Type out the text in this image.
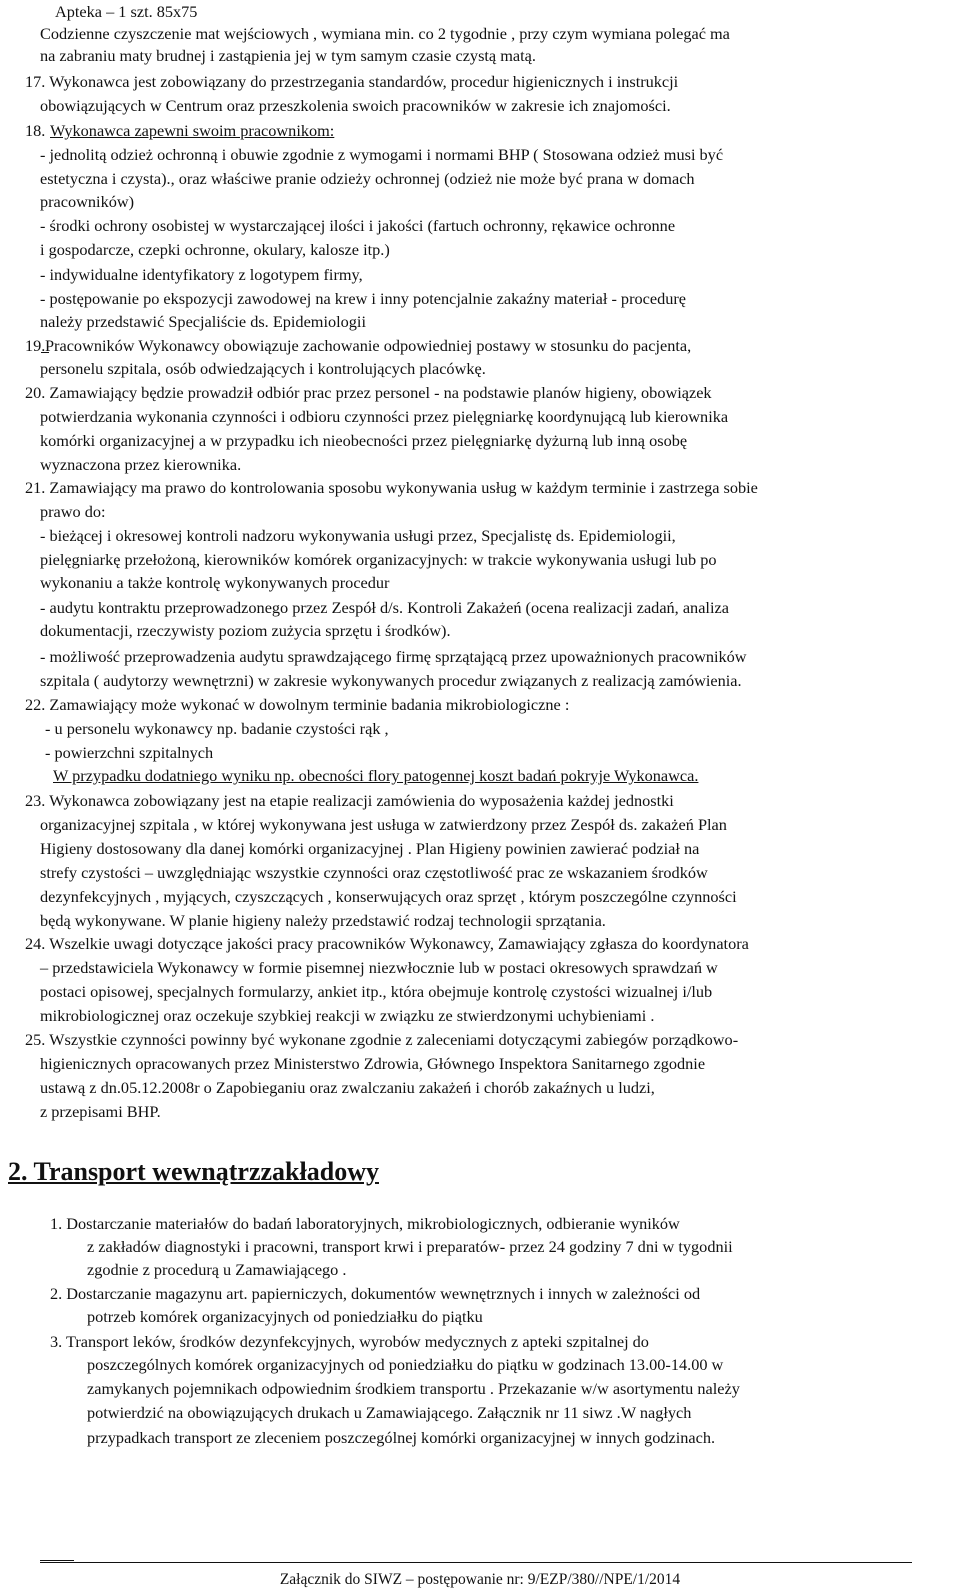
Apteka – 1 szt. 85x75
Codzienne czyszczenie mat wejściowych , wymiana min. co 2 tygodnie , przy czym wymiana polegać ma
na zabraniu maty brudnej i zastąpienia jej w tym samym czasie czystą matą.
17. Wykonawca jest zobowiązany do przestrzegania standardów, procedur higienicznych i instrukcji
obowiązujących w Centrum oraz przeszkolenia swoich pracowników w zakresie ich znajomości.
18. Wykonawca zapewni swoim pracownikom:
- jednolitą odzież ochronną i obuwie zgodnie z wymogami i normami BHP ( Stosowana odzież musi być
estetyczna i czysta)., oraz właściwe pranie odzieży ochronnej (odzież nie może być prana w domach
pracowników)
- środki ochrony osobistej w wystarczającej ilości i jakości (fartuch ochronny, rękawice ochronne
i gospodarcze, czepki ochronne, okulary, kalosze itp.)
- indywidualne identyfikatory z logotypem firmy,
- postępowanie po ekspozycji zawodowej na krew i inny potencjalnie zakaźny materiał - procedurę
należy przedstawić Specjaliście ds. Epidemiologii
19.
Pracowników Wykonawcy obowiązuje zachowanie odpowiedniej postawy w stosunku do pacjenta,
personelu szpitala, osób odwiedzających i kontrolujących placówkę.
20. Zamawiający będzie prowadził odbiór prac przez personel - na podstawie planów higieny, obowiązek
potwierdzania wykonania czynności i odbioru czynności przez pielęgniarkę koordynującą lub kierownika
komórki organizacyjnej a w przypadku ich nieobecności przez pielęgniarkę dyżurną lub inną osobę
wyznaczona przez kierownika.
21. Zamawiający ma prawo do kontrolowania sposobu wykonywania usług w każdym terminie i zastrzega sobie
prawo do:
- bieżącej i okresowej kontroli nadzoru wykonywania usługi przez, Specjalistę ds. Epidemiologii,
pielęgniarkę przełożoną, kierowników komórek organizacyjnych: w trakcie wykonywania usługi lub po
wykonaniu a także kontrolę wykonywanych procedur
- audytu kontraktu przeprowadzonego przez Zespół d/s. Kontroli Zakażeń (ocena realizacji zadań, analiza
dokumentacji, rzeczywisty poziom zużycia sprzętu i środków).
- możliwość przeprowadzenia audytu sprawdzającego firmę sprzątającą przez upoważnionych pracowników
szpitala ( audytorzy wewnętrzni) w zakresie wykonywanych procedur związanych z realizacją zamówienia.
22. Zamawiający może wykonać w dowolnym terminie badania mikrobiologiczne :
- u personelu wykonawcy np. badanie czystości rąk ,
- powierzchni szpitalnych
W przypadku dodatniego wyniku np. obecności flory patogennej koszt badań pokryje Wykonawca.
23. Wykonawca zobowiązany jest na etapie realizacji zamówienia do wyposażenia każdej jednostki
organizacyjnej szpitala , w której wykonywana jest usługa w zatwierdzony przez Zespół ds. zakażeń Plan
Higieny dostosowany dla danej komórki organizacyjnej . Plan Higieny powinien zawierać podział na
strefy czystości – uwzględniając wszystkie czynności oraz częstotliwość prac ze wskazaniem środków
dezynfekcyjnych , myjących, czyszczących , konserwujących oraz sprzęt , którym poszczególne czynności
będą wykonywane. W planie higieny należy przedstawić rodzaj technologii sprzątania.
24. Wszelkie uwagi dotyczące jakości pracy pracowników Wykonawcy, Zamawiający zgłasza do koordynatora
– przedstawiciela Wykonawcy w formie pisemnej niezwłocznie lub w postaci okresowych sprawdzań w
postaci opisowej, specjalnych formularzy, ankiet itp., która obejmuje kontrolę czystości wizualnej i/lub
mikrobiologicznej oraz oczekuje szybkiej reakcji w związku ze stwierdzonymi uchybieniami .
25. Wszystkie czynności powinny być wykonane zgodnie z zaleceniami dotyczącymi zabiegów porządkowo-
higienicznych opracowanych przez Ministerstwo Zdrowia, Głównego Inspektora Sanitarnego zgodnie
ustawą z dn.05.12.2008r o Zapobieganiu oraz zwalczaniu zakażeń i chorób zakaźnych u ludzi,
z przepisami BHP.
2. Transport wewnątrzzakładowy
1. Dostarczanie materiałów do badań laboratoryjnych, mikrobiologicznych, odbieranie wyników
z zakładów diagnostyki i pracowni, transport krwi i preparatów- przez 24 godziny 7 dni w tygodnii
zgodnie z procedurą u Zamawiającego .
2. Dostarczanie magazynu art. papierniczych, dokumentów wewnętrznych i innych w zależności od
potrzeb komórek organizacyjnych od poniedziałku do piątku
3. Transport leków, środków dezynfekcyjnych, wyrobów medycznych z apteki szpitalnej do
poszczególnych komórek organizacyjnych od poniedziałku do piątku w godzinach 13.00-14.00 w
zamykanych pojemnikach odpowiednim środkiem transportu . Przekazanie w/w asortymentu należy
potwierdzić na obowiązujących drukach u Zamawiającego. Załącznik nr 11 siwz .W nagłych
przypadkach transport ze zleceniem poszczególnej komórki organizacyjnej w innych godzinach.
Załącznik do SIWZ – postępowanie nr: 9/EZP/380//NPE/1/2014
